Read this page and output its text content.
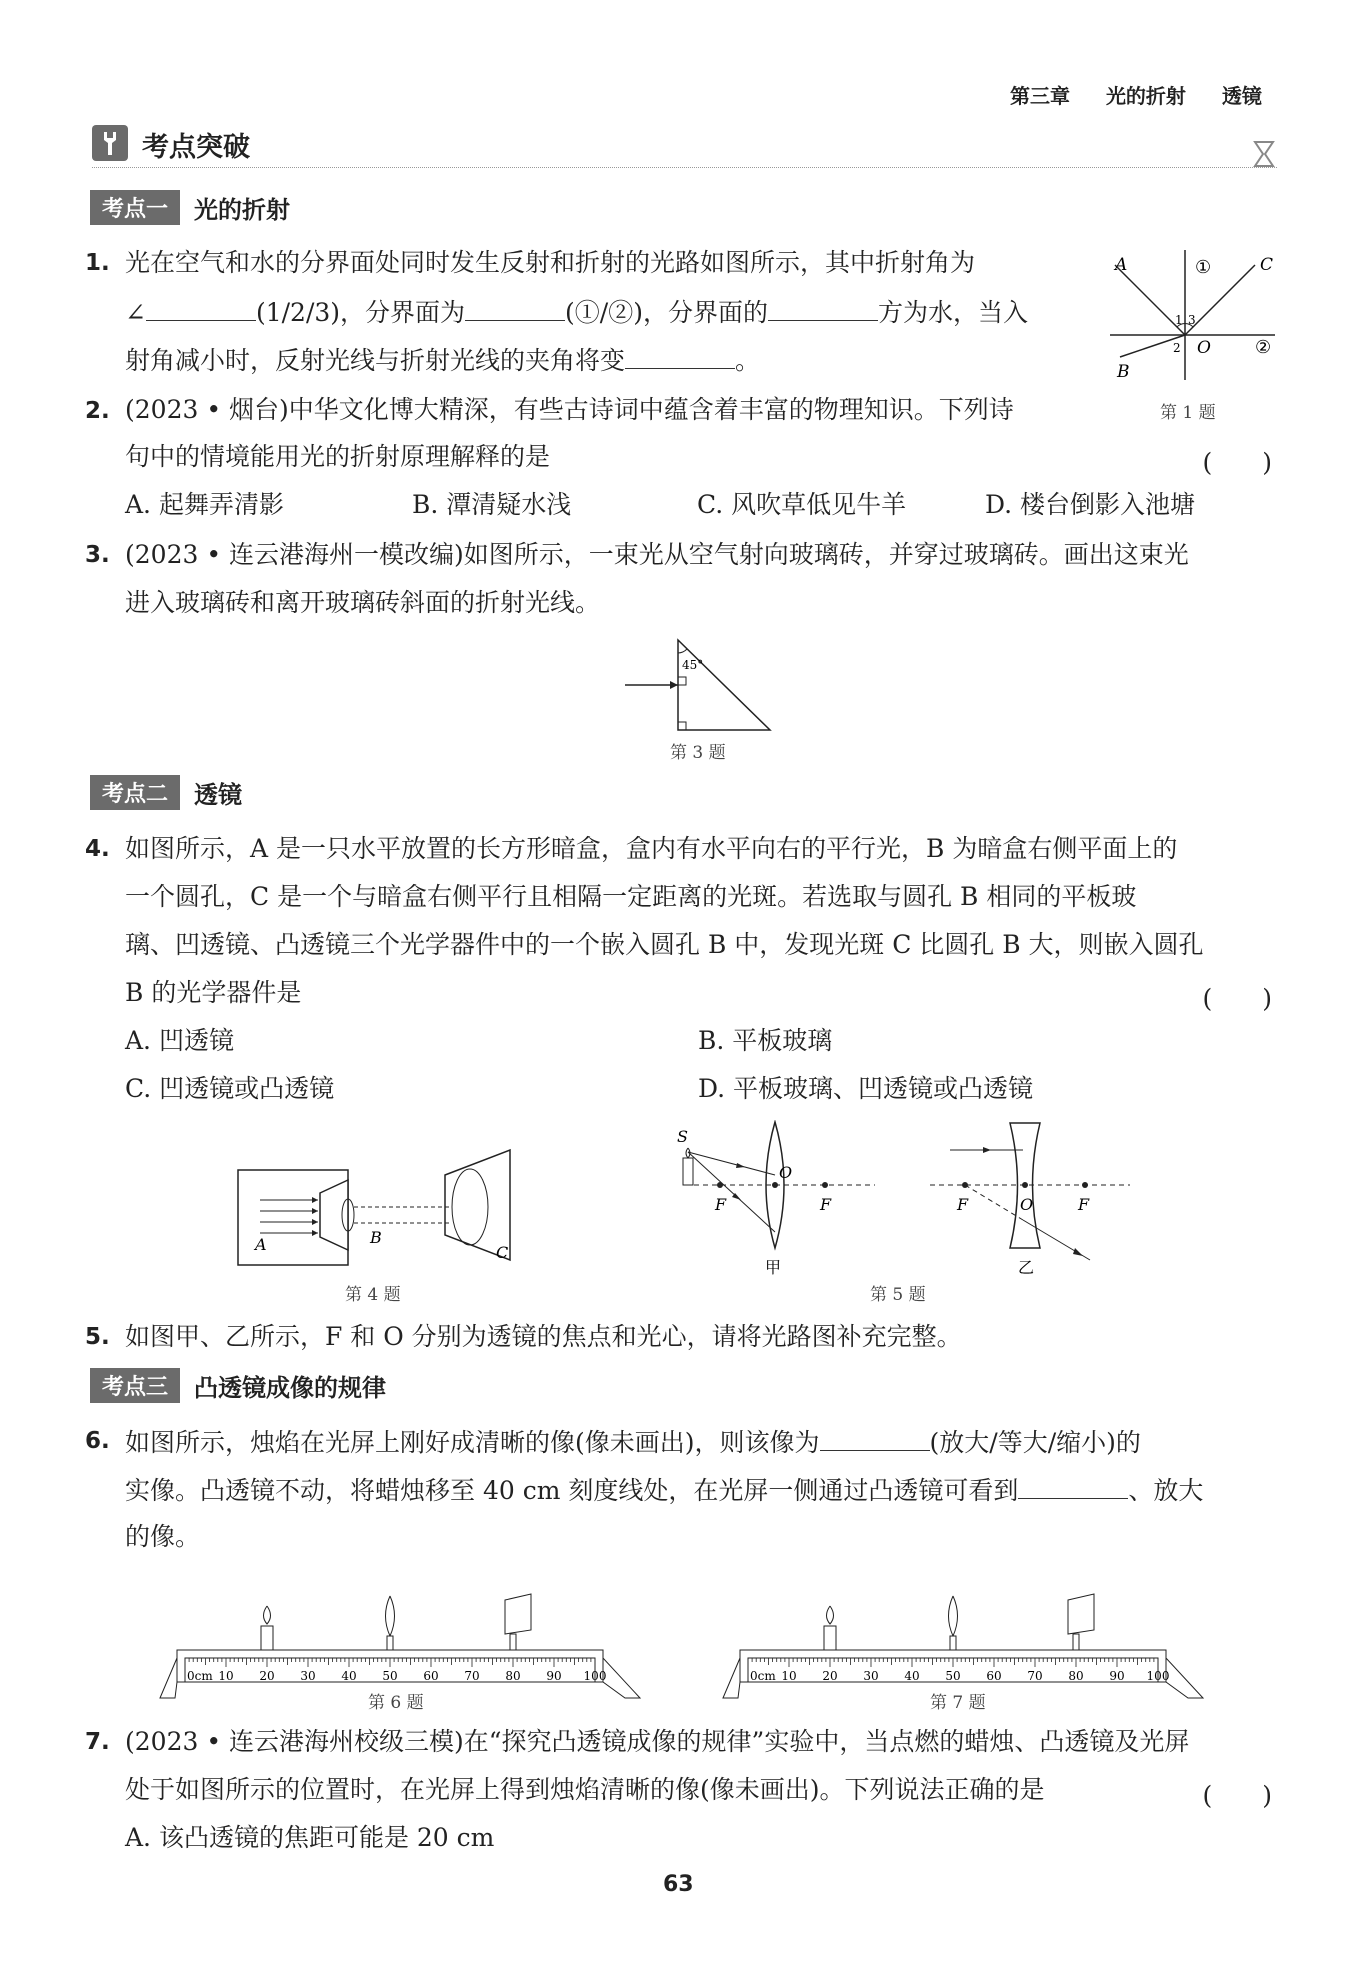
第三章 光的折射 透镜
考点突破
考点一	光的折射
1. 光在空气和水的分界面处同时发生反射和折射的光路如图所示，其中折射角为
∠	(1/2/3)，分界面为	(①/②)，分界面的	方为水，当入
射角减小时，反射光线与折射光线的夹角将变	。
A
B
C
O
1 3
2
①
②
第 1 题
2. (2023 • 烟台)中华文化博大精深，有些古诗词中蕴含着丰富的物理知识。下列诗
句中的情境能用光的折射原理解释的是	(　　)
A. 起舞弄清影	B. 潭清疑水浅	C. 风吹草低见牛羊	D. 楼台倒影入池塘
3. (2023 • 连云港海州一模改编)如图所示，一束光从空气射向玻璃砖，并穿过玻璃砖。画出这束光
进入玻璃砖和离开玻璃砖斜面的折射光线。
45°
第 3 题
考点二	透镜
4. 如图所示，A 是一只水平放置的长方形暗盒，盒内有水平向右的平行光，B 为暗盒右侧平面上的
一个圆孔，C 是一个与暗盒右侧平行且相隔一定距离的光斑。若选取与圆孔 B 相同的平板玻
璃、凹透镜、凸透镜三个光学器件中的一个嵌入圆孔 B 中，发现光斑 C 比圆孔 B 大，则嵌入圆孔
B 的光学器件是	(　　)
A. 凹透镜	B. 平板玻璃
C. 凹透镜或凸透镜	D. 平板玻璃、凹透镜或凸透镜
A	B
C
第 4 题
S
F
O
F
甲
F	O	F
乙
第 5 题
5. 如图甲、乙所示，F 和 O 分别为透镜的焦点和光心，请将光路图补充完整。
考点三	凸透镜成像的规律
6. 如图所示，烛焰在光屏上刚好成清晰的像(像未画出)，则该像为	(放大/等大/缩小)的
实像。凸透镜不动，将蜡烛移至 40 cm 刻度线处，在光屏一侧通过凸透镜可看到	、放大
的像。
0cm 10 20 30 40 50 60 70 80 90 100
第 6 题
0cm 10 20 30 40 50 60 70 80 90 100
第 7 题
7. (2023 • 连云港海州校级三模)在“探究凸透镜成像的规律”实验中，当点燃的蜡烛、凸透镜及光屏
处于如图所示的位置时，在光屏上得到烛焰清晰的像(像未画出)。下列说法正确的是	(　　)
A. 该凸透镜的焦距可能是 20 cm
63
